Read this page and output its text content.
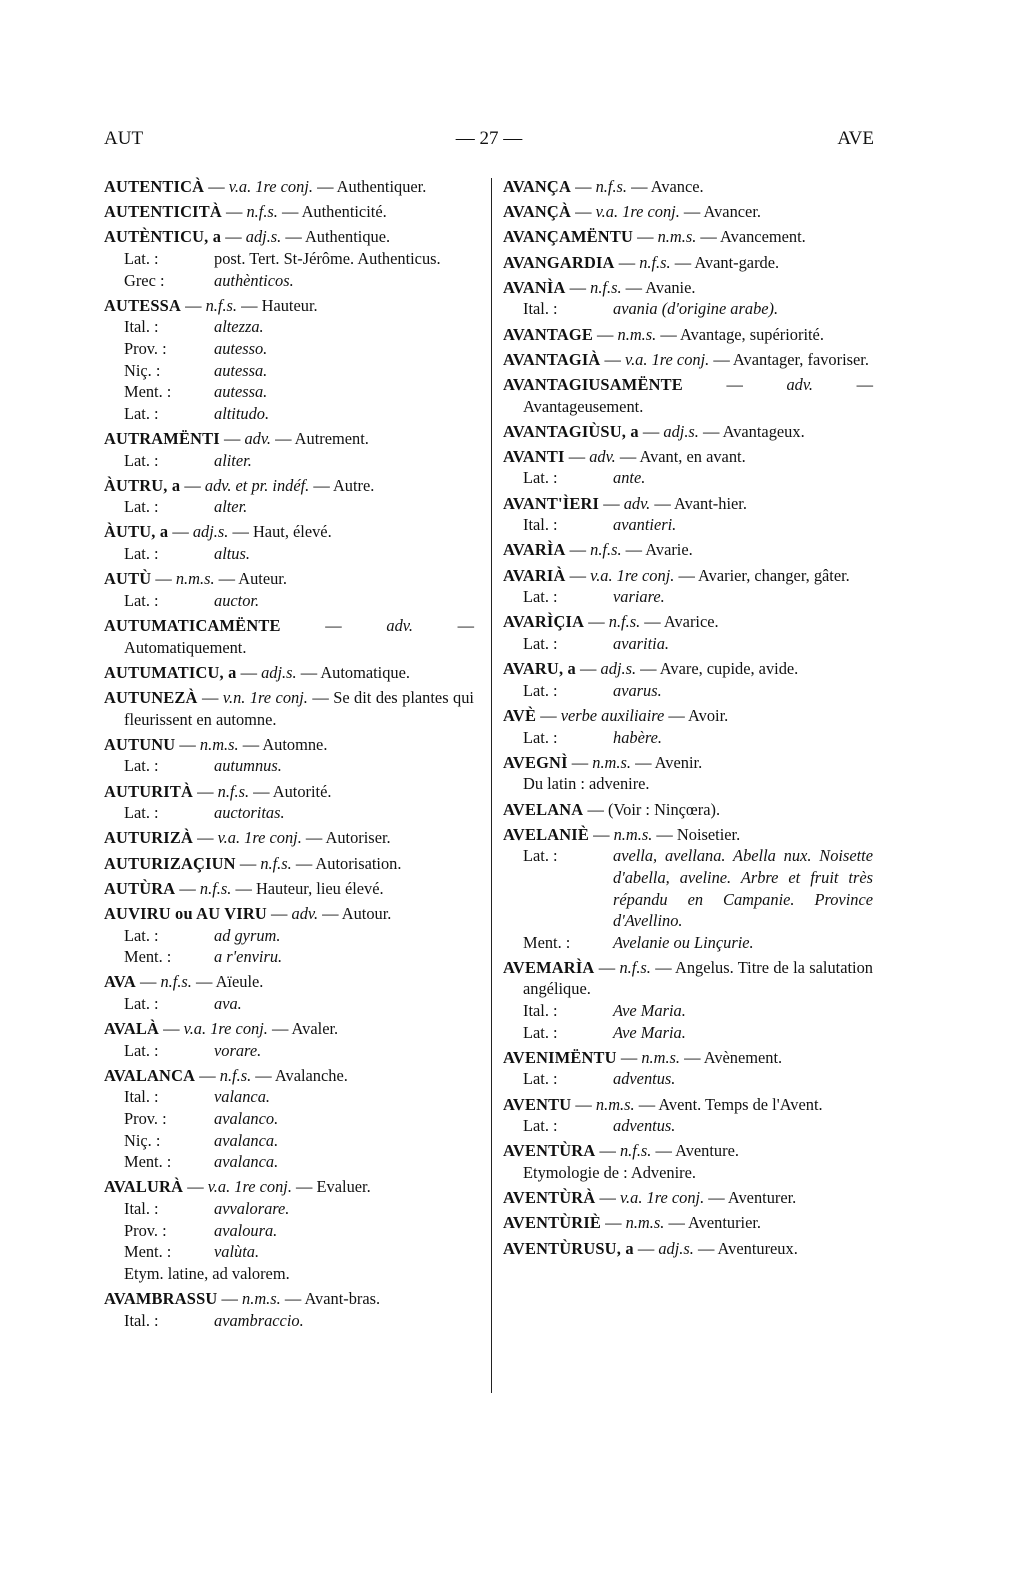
AUT	— 27 —	AVE
AUTENTICÀ — v.a. 1re conj. — Authentiquer.
AUTENTICITÀ — n.f.s. — Authenticité.
AUTÈNTICU, a — adj.s. — Authentique.
Lat. :	post. Tert. St-Jérôme. Authenticus.
Grec :	authènticos.
AUTESSA — n.f.s. — Hauteur.
Ital. :	altezza.
Prov. :	autesso.
Niç. :	autessa.
Ment. :	autessa.
Lat. :	altitudo.
AUTRAMËNTI — adv. — Autrement.
Lat. :	aliter.
ÀUTRU, a — adv. et pr. indéf. — Autre.
Lat. :	alter.
ÀUTU, a — adj.s. — Haut, élevé.
Lat. :	altus.
AUTÙ — n.m.s. — Auteur.
Lat. :	auctor.
AUTUMATICAMËNTE — adv. — Automatiquement.
AUTUMATICU, a — adj.s. — Automatique.
AUTUNEZÀ — v.n. 1re conj. — Se dit des plantes qui fleurissent en automne.
AUTUNU — n.m.s. — Automne.
Lat. :	autumnus.
AUTURITÀ — n.f.s. — Autorité.
Lat. :	auctoritas.
AUTURIZÀ — v.a. 1re conj. — Autoriser.
AUTURIZAÇIUN — n.f.s. — Autorisation.
AUTÙRA — n.f.s. — Hauteur, lieu élevé.
AUVIRU ou AU VIRU — adv. — Autour.
Lat. :	ad gyrum.
Ment. :	a r'enviru.
AVA — n.f.s. — Aïeule.
Lat. :	ava.
AVALÀ — v.a. 1re conj. — Avaler.
Lat. :	vorare.
AVALANCA — n.f.s. — Avalanche.
Ital. :	valanca.
Prov. :	avalanco.
Niç. :	avalanca.
Ment. :	avalanca.
AVALURÀ — v.a. 1re conj. — Evaluer.
Ital. :	avvalorare.
Prov. :	avaloura.
Ment. :	valùta.
Etym. latine, ad valorem.
AVAMBRASSU — n.m.s. — Avant-bras.
Ital. :	avambraccio.
AVANÇA — n.f.s. — Avance.
AVANÇÀ — v.a. 1re conj. — Avancer.
AVANÇAMËNTU — n.m.s. — Avancement.
AVANGARDIA — n.f.s. — Avant-garde.
AVANÌA — n.f.s. — Avanie.
Ital. :	avania (d'origine arabe).
AVANTAGE — n.m.s. — Avantage, supériorité.
AVANTAGIÀ — v.a. 1re conj. — Avantager, favoriser.
AVANTAGIUSAMËNTE — adv. — Avantageusement.
AVANTAGIÙSU, a — adj.s. — Avantageux.
AVANTI — adv. — Avant, en avant.
Lat. :	ante.
AVANT'ÌERI — adv. — Avant-hier.
Ital. :	avantieri.
AVARÌA — n.f.s. — Avarie.
AVARIÀ — v.a. 1re conj. — Avarier, changer, gâter.
Lat. :	variare.
AVARÌÇIA — n.f.s. — Avarice.
Lat. :	avaritia.
AVARU, a — adj.s. — Avare, cupide, avide.
Lat. :	avarus.
AVÈ — verbe auxiliaire — Avoir.
Lat. :	habère.
AVEGNÌ — n.m.s. — Avenir.
Du latin : advenire.
AVELANA — (Voir : Ninçœra).
AVELANIÈ — n.m.s. — Noisetier.
Lat. :	avella, avellana. Abella nux. Noisette d'abella, aveline. Arbre et fruit très répandu en Campanie. Province d'Avellino.
Ment. :	Avelanie ou Linçurie.
AVEMARÌA — n.f.s. — Angelus. Titre de la salutation angélique.
Ital. :	Ave Maria.
Lat. :	Ave Maria.
AVENIMËNTU — n.m.s. — Avènement.
Lat. :	adventus.
AVENTU — n.m.s. — Avent. Temps de l'Avent.
Lat. :	adventus.
AVENTÙRA — n.f.s. — Aventure.
Etymologie de : Advenire.
AVENTÙRÀ — v.a. 1re conj. — Aventurer.
AVENTÙRIÈ — n.m.s. — Aventurier.
AVENTÙRUSU, a — adj.s. — Aventureux.
